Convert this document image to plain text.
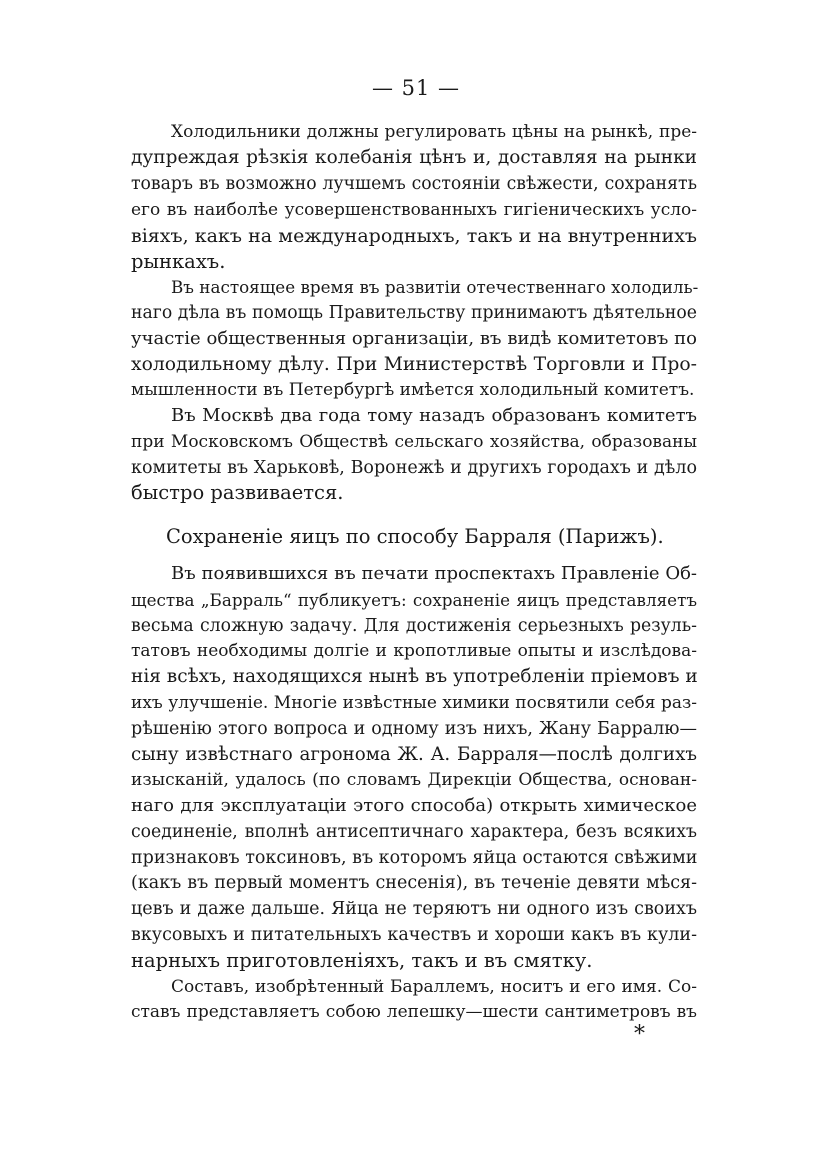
— 51 —
Холодильники должны регулировать цѣны на рынкѣ, пре-
дупреждая рѣзкія колебанія цѣнъ и, доставляя на рынки
товаръ въ возможно лучшемъ состояніи свѣжести, сохранять
его въ наиболѣе усовершенствованныхъ гигіеническихъ усло-
віяхъ, какъ на международныхъ, такъ и на внутреннихъ
рынкахъ.
Въ настоящее время въ развитіи отечественнаго холодиль-
наго дѣла въ помощь Правительству принимаютъ дѣятельное
участіе общественныя организаціи, въ видѣ комитетовъ по
холодильному дѣлу. При Министерствѣ Торговли и Про-
мышленности въ Петербургѣ имѣется холодильный комитетъ.
Въ Москвѣ два года тому назадъ образованъ комитетъ
при Московскомъ Обществѣ сельскаго хозяйства, образованы
комитеты въ Харьковѣ, Воронежѣ и другихъ городахъ и дѣло
быстро развивается.
Сохраненіе яицъ по способу Барраля (Парижъ).
Въ появившихся въ печати проспектахъ Правленіе Об-
щества „Барраль“ публикуетъ: сохраненіе яицъ представляетъ
весьма сложную задачу. Для достиженія серьезныхъ резуль-
татовъ необходимы долгіе и кропотливые опыты и изслѣдова-
нія всѣхъ, находящихся нынѣ въ употребленіи пріемовъ и
ихъ улучшеніе. Многіе извѣстные химики посвятили себя раз-
рѣшенію этого вопроса и одному изъ нихъ, Жану Барралю—
сыну извѣстнаго агронома Ж. А. Барраля—послѣ долгихъ
изысканій, удалось (по словамъ Дирекціи Общества, основан-
наго для эксплуатаціи этого способа) открыть химическое
соединеніе, вполнѣ антисептичнаго характера, безъ всякихъ
признаковъ токсиновъ, въ которомъ яйца остаются свѣжими
(какъ въ первый моментъ снесенія), въ теченіе девяти мѣся-
цевъ и даже дальше. Яйца не теряютъ ни одного изъ своихъ
вкусовыхъ и питательныхъ качествъ и хороши какъ въ кули-
нарныхъ приготовленіяхъ, такъ и въ смятку.
Составъ, изобрѣтенный Бараллемъ, носитъ и его имя. Со-
ставъ представляетъ собою лепешку—шести сантиметровъ въ
*
